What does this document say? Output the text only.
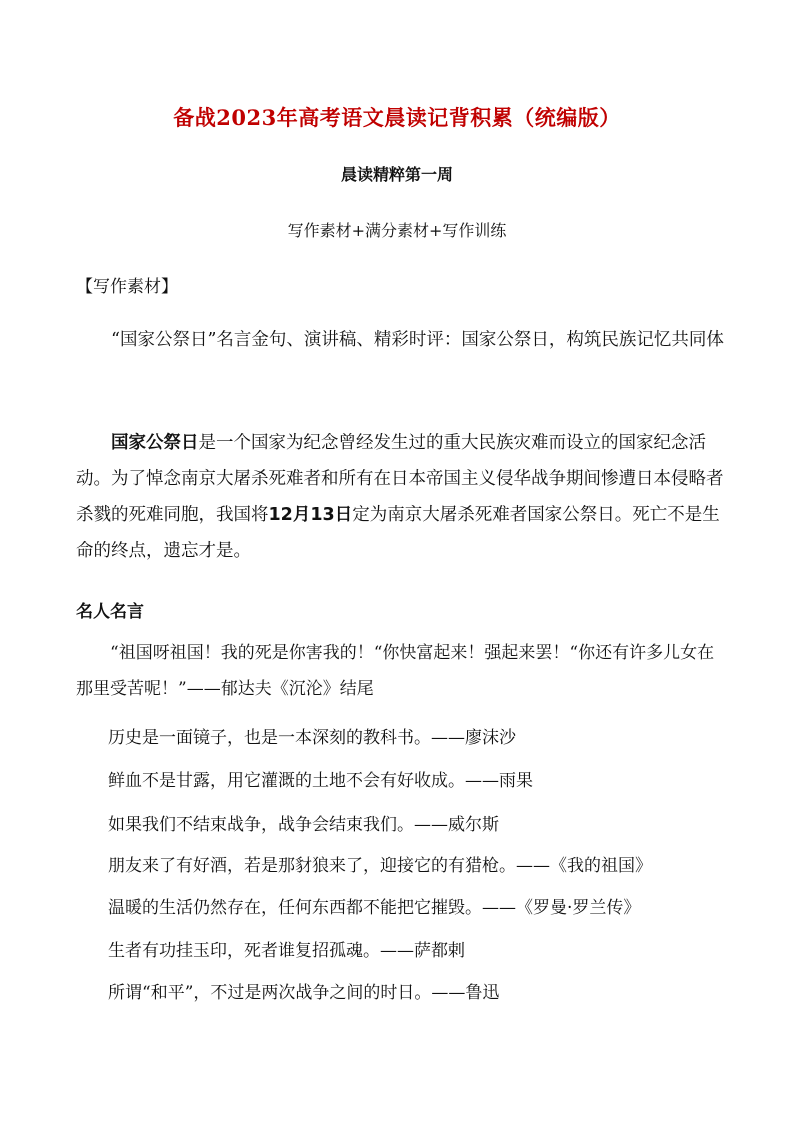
备战2023年高考语文晨读记背积累（统编版）
晨读精粹第一周
写作素材+满分素材+写作训练
【写作素材】

“国家公祭日”名言金句、演讲稿、精彩时评：国家公祭日，构筑民族记忆共同体

国家公祭日是一个国家为纪念曾经发生过的重大民族灾难而设立的国家纪念活动。为了悼念南京大屠杀死难者和所有在日本帝国主义侵华战争期间惨遭日本侵略者杀戮的死难同胞，我国将12月13日定为南京大屠杀死难者国家公祭日。死亡不是生命的终点，遗忘才是。

名人名言

“祖国呀祖国！我的死是你害我的！“你快富起来！强起来罢！“你还有许多儿女在那里受苦呢！”——郁达夫《沉沦》结尾

历史是一面镜子，也是一本深刻的教科书。——廖沫沙
鲜血不是甘露，用它灌溉的土地不会有好收成。——雨果
如果我们不结束战争，战争会结束我们。——威尔斯
朋友来了有好酒，若是那豺狼来了，迎接它的有猎枪。——《我的祖国》
温暖的生活仍然存在，任何东西都不能把它摧毁。——《罗曼·罗兰传》
生者有功挂玉印，死者谁复招孤魂。——萨都剌
所谓“和平”，不过是两次战争之间的时日。——鲁迅
